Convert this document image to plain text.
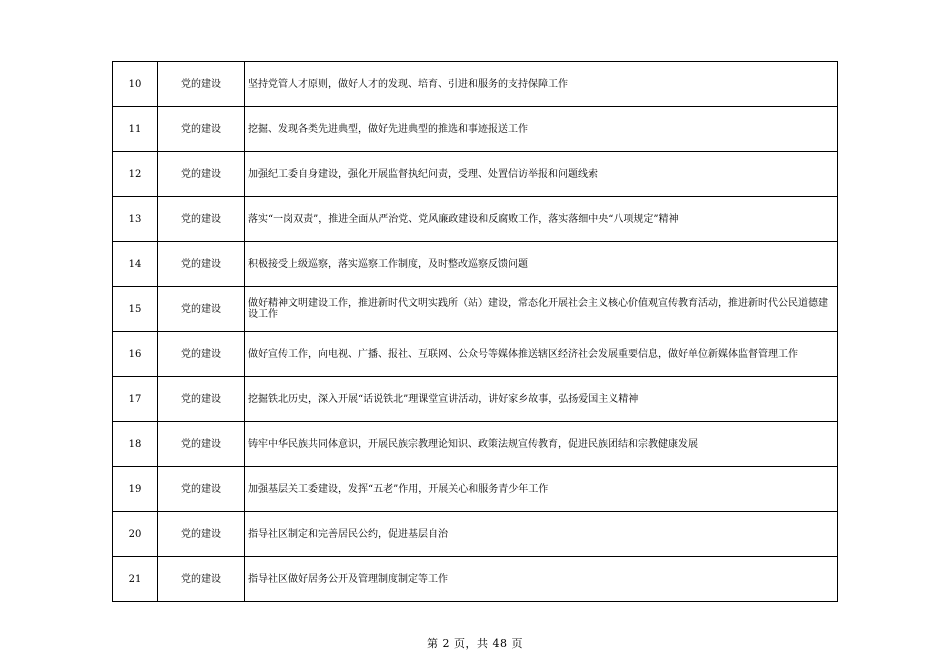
10	党的建设	坚持党管人才原则，做好人才的发现、培育、引进和服务的支持保障工作
11	党的建设	挖掘、发现各类先进典型，做好先进典型的推选和事迹报送工作
12	党的建设	加强纪工委自身建设，强化开展监督执纪问责，受理、处置信访举报和问题线索
13	党的建设	落实“一岗双责”，推进全面从严治党、党风廉政建设和反腐败工作，落实落细中央“八项规定”精神
14	党的建设	积极接受上级巡察，落实巡察工作制度，及时整改巡察反馈问题
15	党的建设	做好精神文明建设工作，推进新时代文明实践所（站）建设，常态化开展社会主义核心价值观宣传教育活动，推进新时代公民道德建设工作
16	党的建设	做好宣传工作，向电视、广播、报社、互联网、公众号等媒体推送辖区经济社会发展重要信息，做好单位新媒体监督管理工作
17	党的建设	挖掘铁北历史，深入开展“话说铁北”理课堂宣讲活动，讲好家乡故事，弘扬爱国主义精神
18	党的建设	铸牢中华民族共同体意识，开展民族宗教理论知识、政策法规宣传教育，促进民族团结和宗教健康发展
19	党的建设	加强基层关工委建设，发挥“五老”作用，开展关心和服务青少年工作
20	党的建设	指导社区制定和完善居民公约，促进基层自治
21	党的建设	指导社区做好居务公开及管理制度制定等工作
第 2 页，共 48 页
